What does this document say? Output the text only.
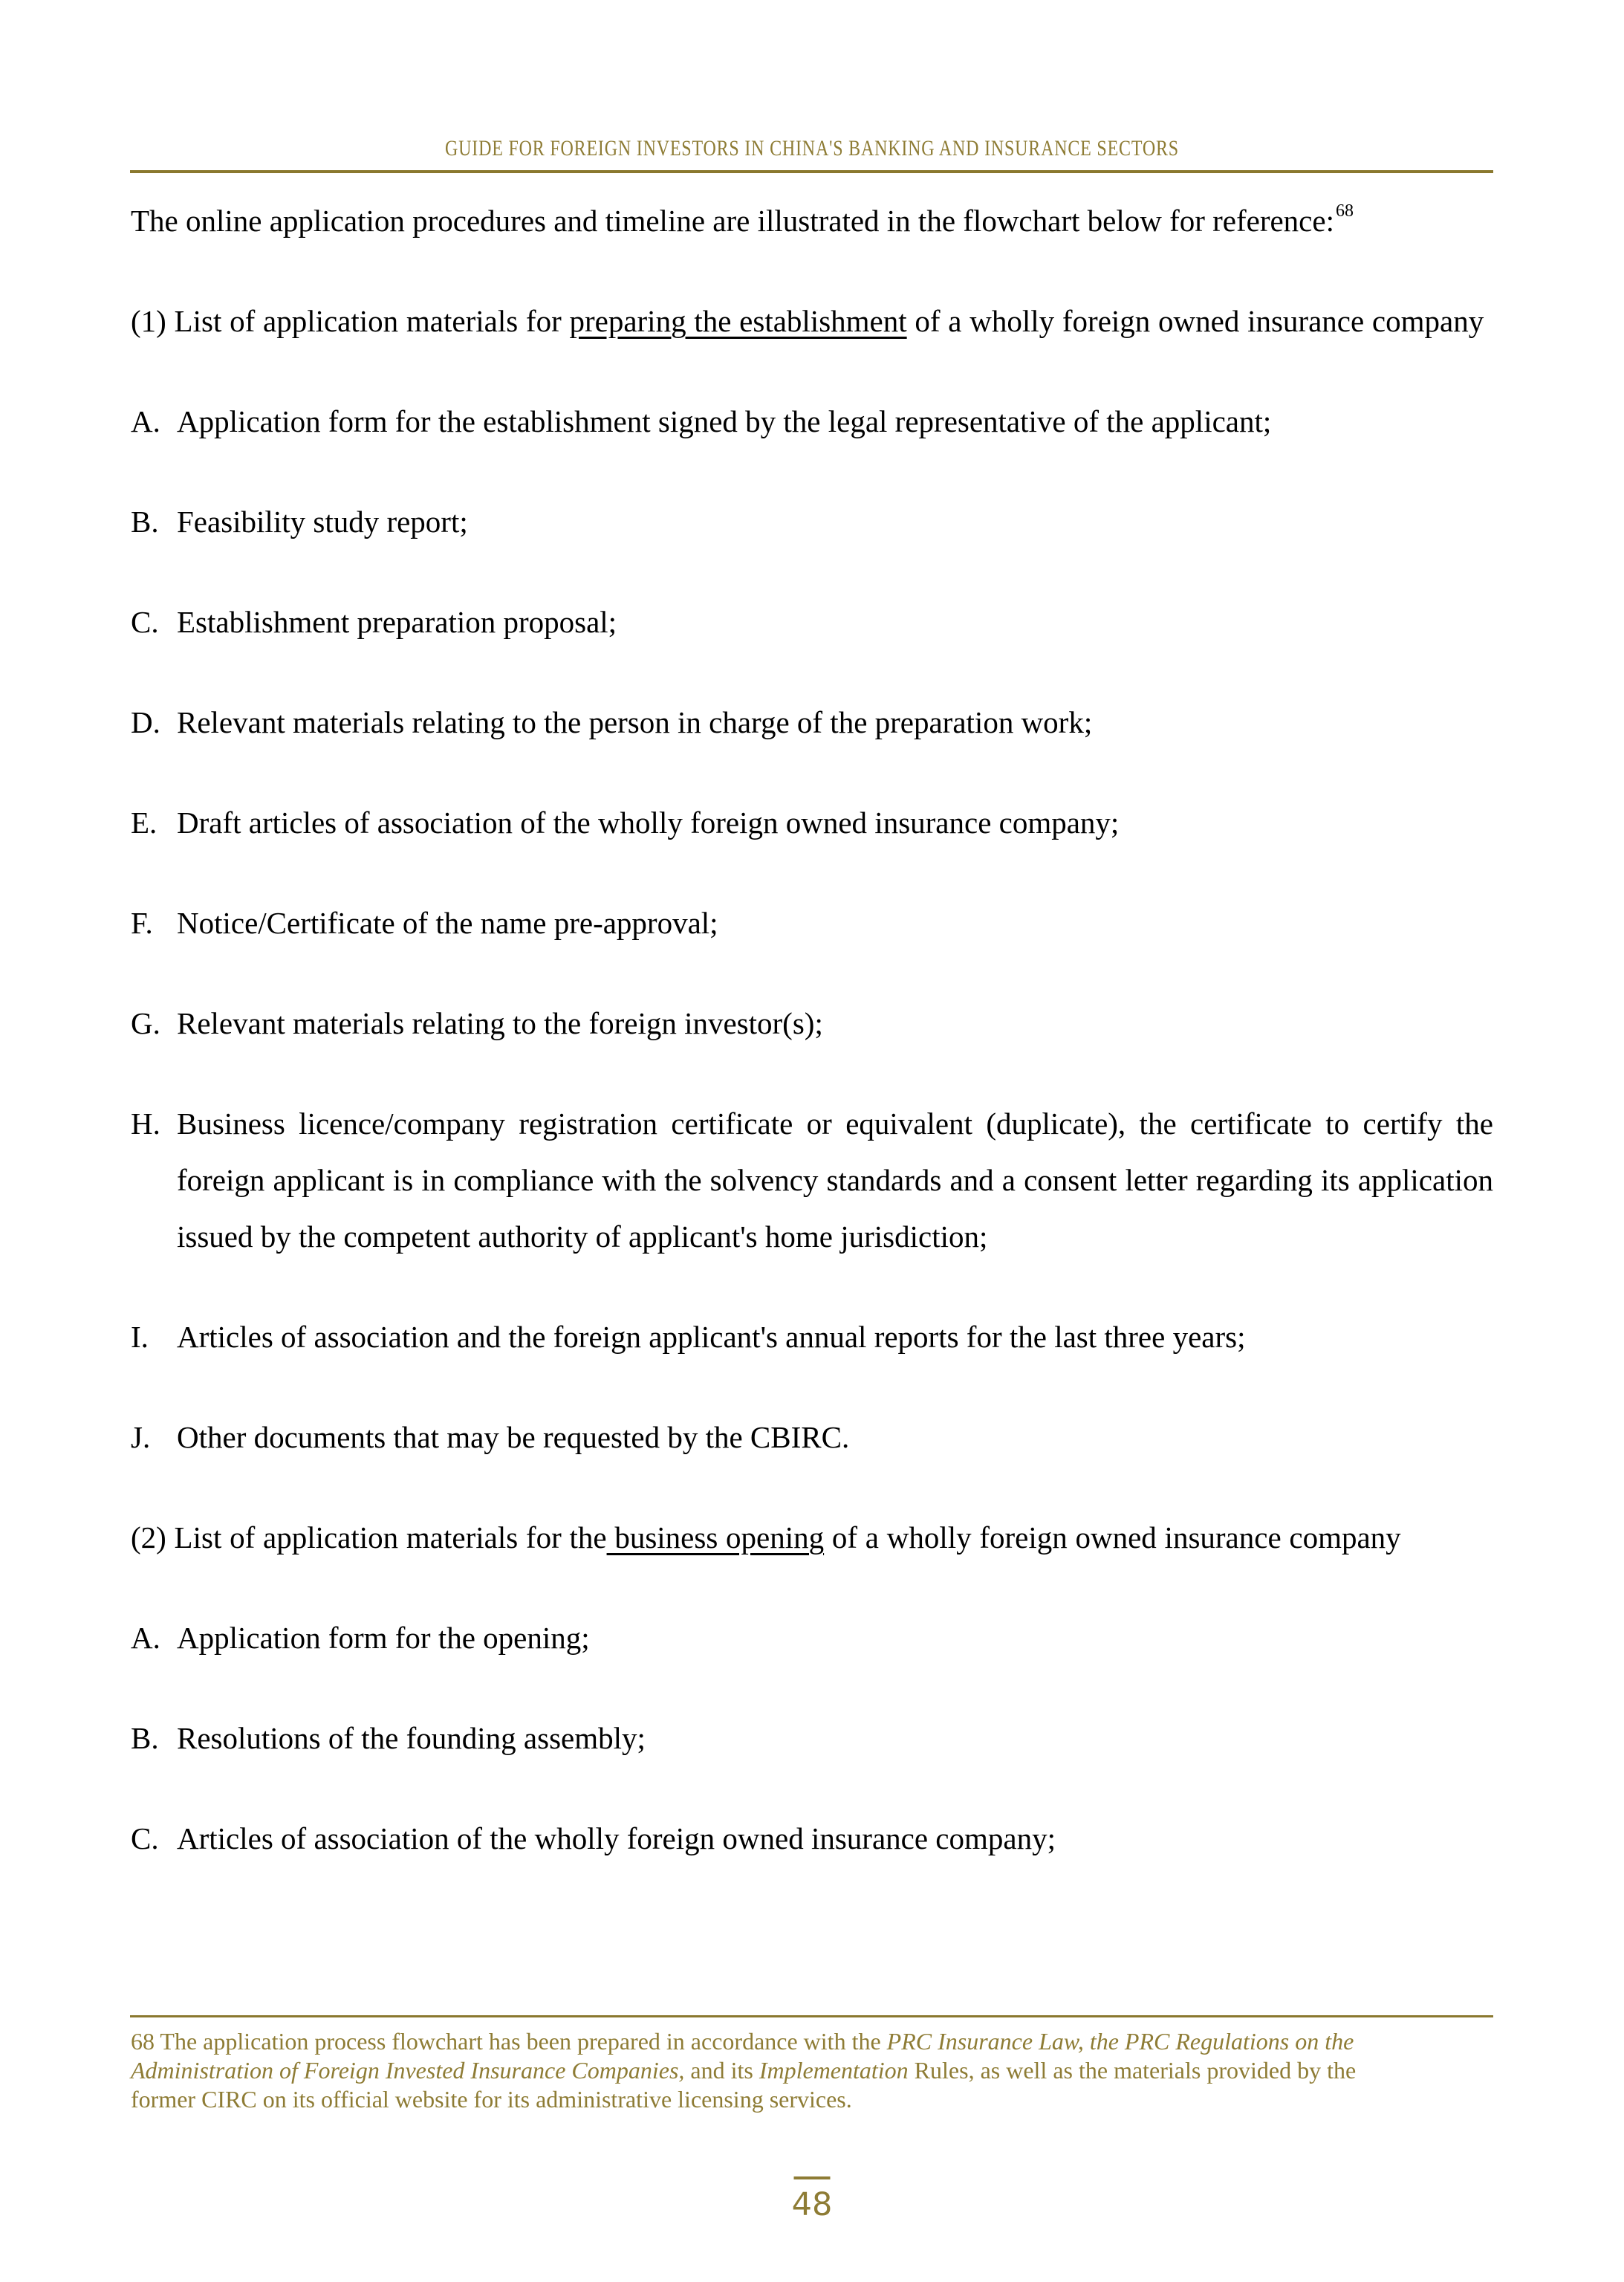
GUIDE FOR FOREIGN INVESTORS IN CHINA'S BANKING AND INSURANCE SECTORS

The online application procedures and timeline are illustrated in the flowchart below for reference:$^{68}$

(1) List of application materials for preparing the establishment of a wholly foreign owned insurance company

A. Application form for the establishment signed by the legal representative of the applicant;

B. Feasibility study report;

C. Establishment preparation proposal;

D. Relevant materials relating to the person in charge of the preparation work;

E. Draft articles of association of the wholly foreign owned insurance company;

F. Notice/Certificate of the name pre-approval;

G. Relevant materials relating to the foreign investor(s);

H. Business licence/company registration certificate or equivalent (duplicate), the certificate to certify the foreign applicant is in compliance with the solvency standards and a consent letter regarding its application issued by the competent authority of applicant's home jurisdiction;

I. Articles of association and the foreign applicant's annual reports for the last three years;

J. Other documents that may be requested by the CBIRC.

(2) List of application materials for the business opening of a wholly foreign owned insurance company

A. Application form for the opening;

B. Resolutions of the founding assembly;

C. Articles of association of the wholly foreign owned insurance company;

68 The application process flowchart has been prepared in accordance with the PRC Insurance Law, the PRC Regulations on the
Administration of Foreign Invested Insurance Companies, and its Implementation Rules, as well as the materials provided by the
former CIRC on its official website for its administrative licensing services.
48
